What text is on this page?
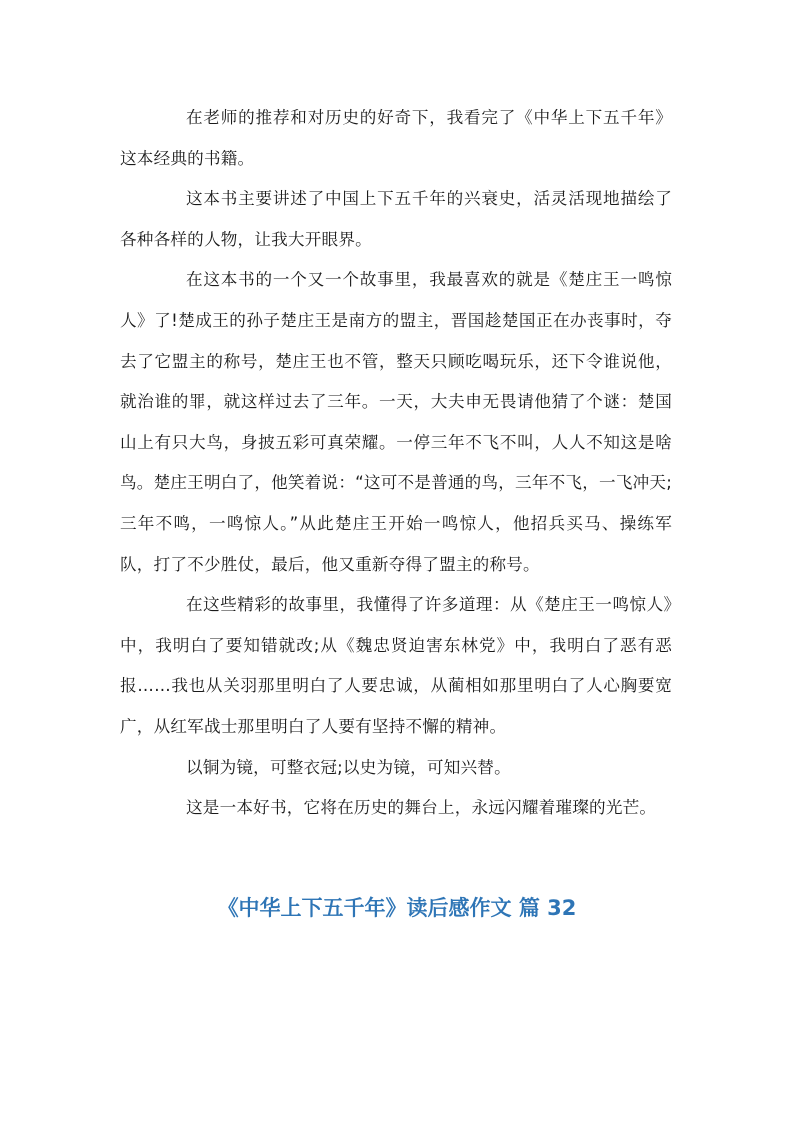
在老师的推荐和对历史的好奇下，我看完了《中华上下五千年》这本经典的书籍。

这本书主要讲述了中国上下五千年的兴衰史，活灵活现地描绘了各种各样的人物，让我大开眼界。

在这本书的一个又一个故事里，我最喜欢的就是《楚庄王一鸣惊人》了!楚成王的孙子楚庄王是南方的盟主，晋国趁楚国正在办丧事时，夺去了它盟主的称号，楚庄王也不管，整天只顾吃喝玩乐，还下令谁说他，就治谁的罪，就这样过去了三年。一天，大夫申无畏请他猜了个谜：楚国山上有只大鸟，身披五彩可真荣耀。一停三年不飞不叫，人人不知这是啥鸟。楚庄王明白了，他笑着说：“这可不是普通的鸟，三年不飞，一飞冲天;三年不鸣，一鸣惊人。”从此楚庄王开始一鸣惊人，他招兵买马、操练军队，打了不少胜仗，最后，他又重新夺得了盟主的称号。

在这些精彩的故事里，我懂得了许多道理：从《楚庄王一鸣惊人》中，我明白了要知错就改;从《魏忠贤迫害东林党》中，我明白了恶有恶报……我也从关羽那里明白了人要忠诚，从蔺相如那里明白了人心胸要宽广，从红军战士那里明白了人要有坚持不懈的精神。

以铜为镜，可整衣冠;以史为镜，可知兴替。

这是一本好书，它将在历史的舞台上，永远闪耀着璀璨的光芒。

《中华上下五千年》读后感作文 篇 32
